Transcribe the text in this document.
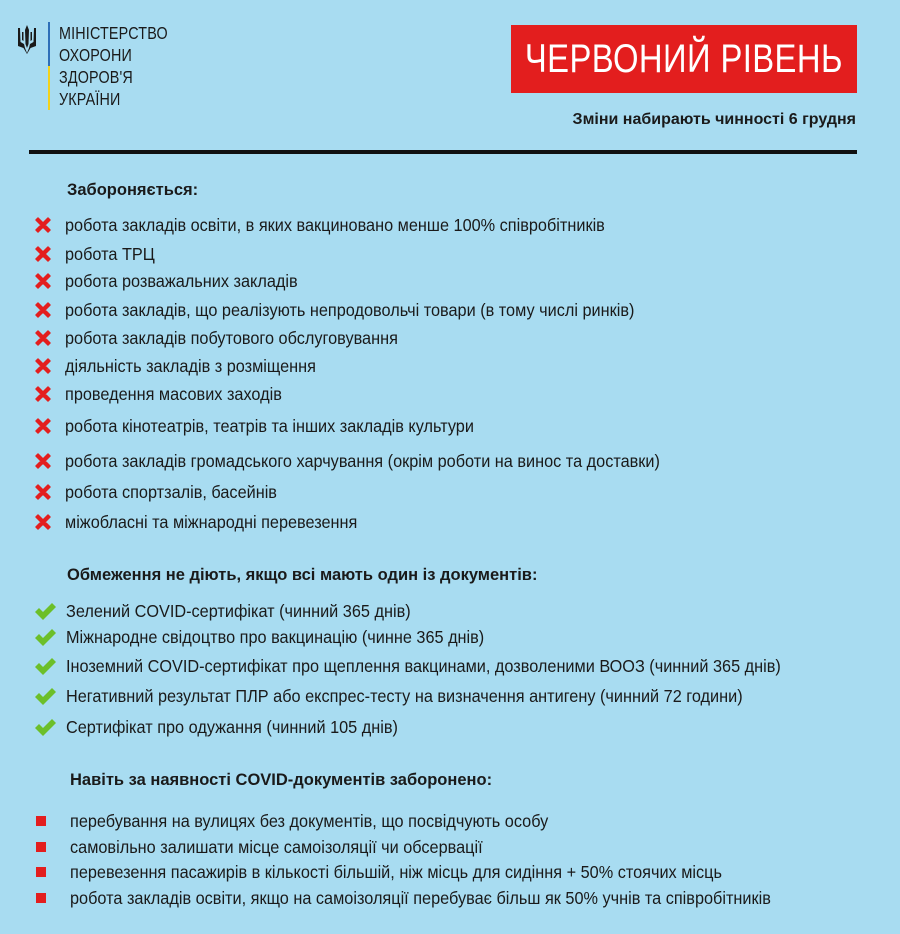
МІНІСТЕРСТВО
ОХОРОНИ
ЗДОРОВ'Я
УКРАЇНИ
ЧЕРВОНИЙ РІВЕНЬ
Зміни набирають чинності 6 грудня
Забороняється:
робота закладів освіти, в яких вакциновано менше 100% співробітників
робота ТРЦ
робота розважальних закладів
робота закладів, що реалізують непродовольчі товари (в тому числі ринків)
робота закладів побутового обслуговування
діяльність закладів з розміщення
проведення масових заходів
робота кінотеатрів, театрів та інших закладів культури
робота закладів громадського харчування (окрім роботи на винос та доставки)
робота спортзалів, басейнів
міжобласні та міжнародні перевезення
Обмеження не діють, якщо всі мають один із документів:
Зелений COVID-сертифікат (чинний 365 днів)
Міжнародне свідоцтво про вакцинацію (чинне 365 днів)
Іноземний COVID-сертифікат про щеплення вакцинами, дозволеними ВООЗ (чинний 365 днів)
Негативний результат ПЛР або експрес-тесту на визначення антигену (чинний 72 години)
Сертифікат про одужання (чинний 105 днів)
Навіть за наявності COVID-документів заборонено:
перебування на вулицях без документів, що посвідчують особу
самовільно залишати місце самоізоляції чи обсервації
перевезення пасажирів в кількості більшій, ніж місць для сидіння + 50% стоячих місць
робота закладів освіти, якщо на самоізоляції перебуває більш як 50% учнів та співробітників
